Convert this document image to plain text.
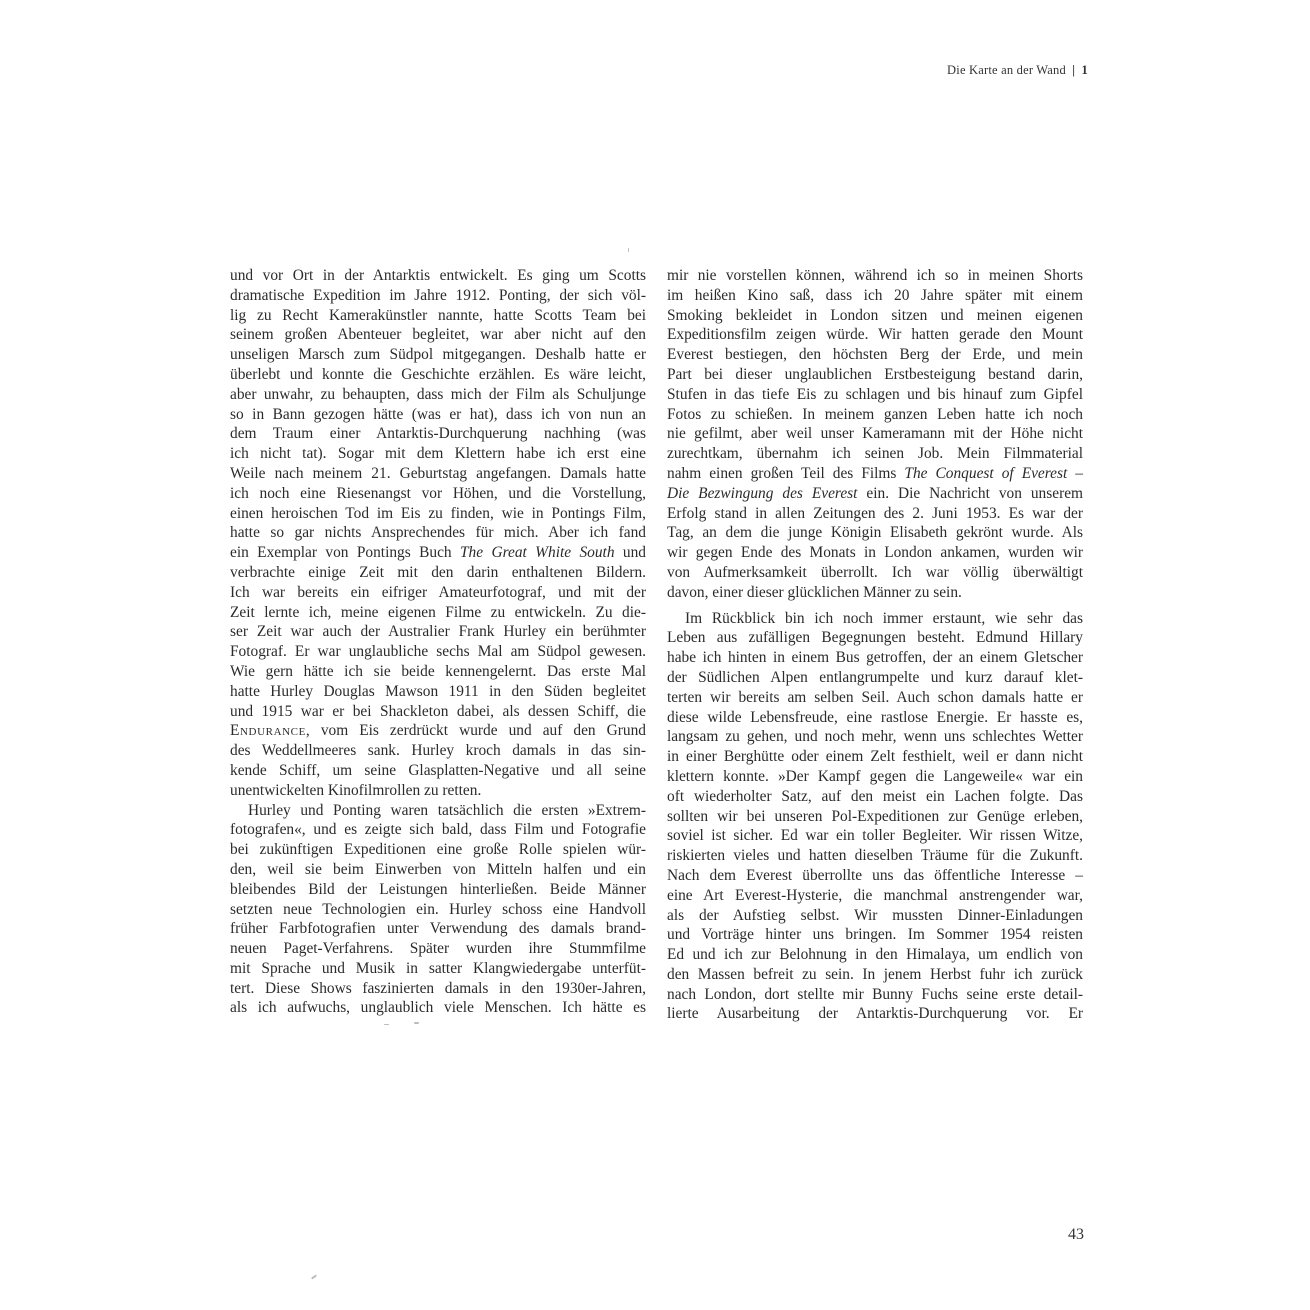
Die Karte an der Wand | 1
und vor Ort in der Antarktis entwickelt. Es ging um Scotts
dramatische Expedition im Jahre 1912. Ponting, der sich völ-
lig zu Recht Kamerakünstler nannte, hatte Scotts Team bei
seinem großen Abenteuer begleitet, war aber nicht auf den
unseligen Marsch zum Südpol mitgegangen. Deshalb hatte er
überlebt und konnte die Geschichte erzählen. Es wäre leicht,
aber unwahr, zu behaupten, dass mich der Film als Schuljunge
so in Bann gezogen hätte (was er hat), dass ich von nun an
dem Traum einer Antarktis-Durchquerung nachhing (was
ich nicht tat). Sogar mit dem Klettern habe ich erst eine
Weile nach meinem 21. Geburtstag angefangen. Damals hatte
ich noch eine Riesenangst vor Höhen, und die Vorstellung,
einen heroischen Tod im Eis zu finden, wie in Pontings Film,
hatte so gar nichts Ansprechendes für mich. Aber ich fand
ein Exemplar von Pontings Buch The Great White South und
verbrachte einige Zeit mit den darin enthaltenen Bildern.
Ich war bereits ein eifriger Amateurfotograf, und mit der
Zeit lernte ich, meine eigenen Filme zu entwickeln. Zu die-
ser Zeit war auch der Australier Frank Hurley ein berühmter
Fotograf. Er war unglaubliche sechs Mal am Südpol gewesen.
Wie gern hätte ich sie beide kennengelernt. Das erste Mal
hatte Hurley Douglas Mawson 1911 in den Süden begleitet
und 1915 war er bei Shackleton dabei, als dessen Schiff, die
Endurance, vom Eis zerdrückt wurde und auf den Grund
des Weddellmeeres sank. Hurley kroch damals in das sin-
kende Schiff, um seine Glasplatten-Negative und all seine
unentwickelten Kinofilmrollen zu retten.
Hurley und Ponting waren tatsächlich die ersten »Extrem-
fotografen«, und es zeigte sich bald, dass Film und Fotografie
bei zukünftigen Expeditionen eine große Rolle spielen wür-
den, weil sie beim Einwerben von Mitteln halfen und ein
bleibendes Bild der Leistungen hinterließen. Beide Männer
setzten neue Technologien ein. Hurley schoss eine Handvoll
früher Farbfotografien unter Verwendung des damals brand-
neuen Paget-Verfahrens. Später wurden ihre Stummfilme
mit Sprache und Musik in satter Klangwiedergabe unterfüt-
tert. Diese Shows faszinierten damals in den 1930er-Jahren,
als ich aufwuchs, unglaublich viele Menschen. Ich hätte es
mir nie vorstellen können, während ich so in meinen Shorts
im heißen Kino saß, dass ich 20 Jahre später mit einem
Smoking bekleidet in London sitzen und meinen eigenen
Expeditionsfilm zeigen würde. Wir hatten gerade den Mount
Everest bestiegen, den höchsten Berg der Erde, und mein
Part bei dieser unglaublichen Erstbesteigung bestand darin,
Stufen in das tiefe Eis zu schlagen und bis hinauf zum Gipfel
Fotos zu schießen. In meinem ganzen Leben hatte ich noch
nie gefilmt, aber weil unser Kameramann mit der Höhe nicht
zurechtkam, übernahm ich seinen Job. Mein Filmmaterial
nahm einen großen Teil des Films The Conquest of Everest –
Die Bezwingung des Everest ein. Die Nachricht von unserem
Erfolg stand in allen Zeitungen des 2. Juni 1953. Es war der
Tag, an dem die junge Königin Elisabeth gekrönt wurde. Als
wir gegen Ende des Monats in London ankamen, wurden wir
von Aufmerksamkeit überrollt. Ich war völlig überwältigt
davon, einer dieser glücklichen Männer zu sein.
Im Rückblick bin ich noch immer erstaunt, wie sehr das
Leben aus zufälligen Begegnungen besteht. Edmund Hillary
habe ich hinten in einem Bus getroffen, der an einem Gletscher
der Südlichen Alpen entlangrumpelte und kurz darauf klet-
terten wir bereits am selben Seil. Auch schon damals hatte er
diese wilde Lebensfreude, eine rastlose Energie. Er hasste es,
langsam zu gehen, und noch mehr, wenn uns schlechtes Wetter
in einer Berghütte oder einem Zelt festhielt, weil er dann nicht
klettern konnte. »Der Kampf gegen die Langeweile« war ein
oft wiederholter Satz, auf den meist ein Lachen folgte. Das
sollten wir bei unseren Pol-Expeditionen zur Genüge erleben,
soviel ist sicher. Ed war ein toller Begleiter. Wir rissen Witze,
riskierten vieles und hatten dieselben Träume für die Zukunft.
Nach dem Everest überrollte uns das öffentliche Interesse –
eine Art Everest-Hysterie, die manchmal anstrengender war,
als der Aufstieg selbst. Wir mussten Dinner-Einladungen
und Vorträge hinter uns bringen. Im Sommer 1954 reisten
Ed und ich zur Belohnung in den Himalaya, um endlich von
den Massen befreit zu sein. In jenem Herbst fuhr ich zurück
nach London, dort stellte mir Bunny Fuchs seine erste detail-
lierte Ausarbeitung der Antarktis-Durchquerung vor. Er
43
